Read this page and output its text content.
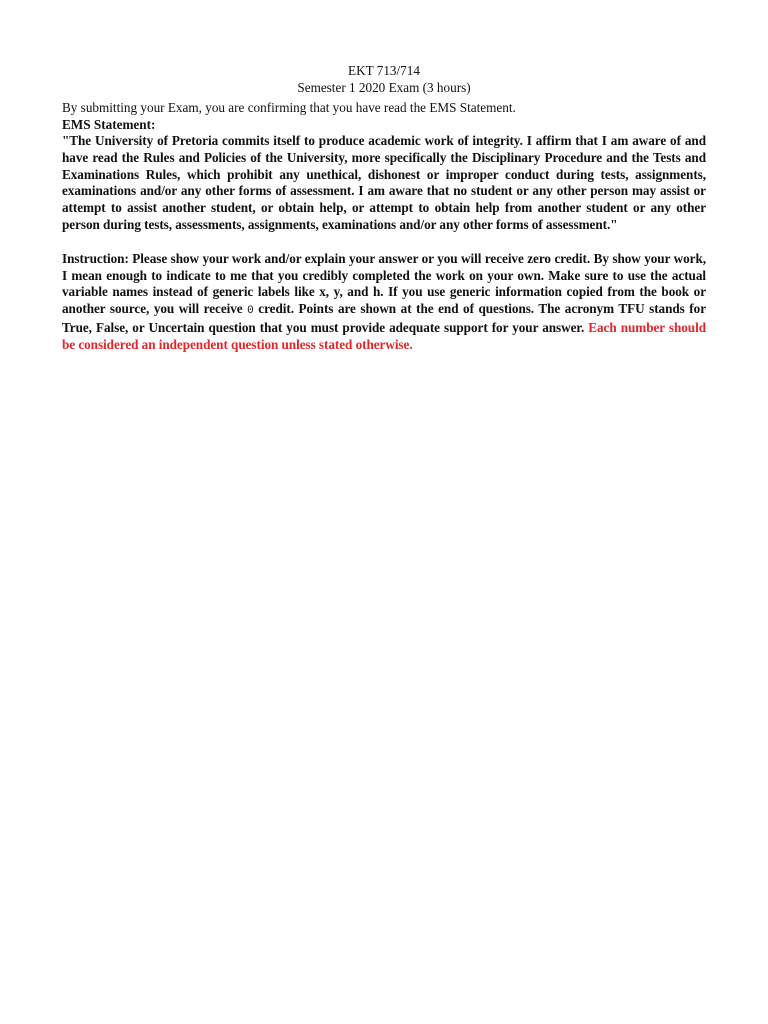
EKT 713/714
Semester 1 2020 Exam (3 hours)
By submitting your Exam, you are confirming that you have read the EMS Statement.
EMS Statement:
"The University of Pretoria commits itself to produce academic work of integrity. I affirm that I am aware of and have read the Rules and Policies of the University, more specifically the Disciplinary Procedure and the Tests and Examinations Rules, which prohibit any unethical, dishonest or improper conduct during tests, assignments, examinations and/or any other forms of assessment. I am aware that no student or any other person may assist or attempt to assist another student, or obtain help, or attempt to obtain help from another student or any other person during tests, assessments, assignments, examinations and/or any other forms of assessment."
Instruction: Please show your work and/or explain your answer or you will receive zero credit. By show your work, I mean enough to indicate to me that you credibly completed the work on your own. Make sure to use the actual variable names instead of generic labels like x, y, and h. If you use generic information copied from the book or another source, you will receive 0 credit. Points are shown at the end of questions. The acronym TFU stands for True, False, or Uncertain question that you must provide adequate support for your answer. Each number should be considered an independent question unless stated otherwise.
